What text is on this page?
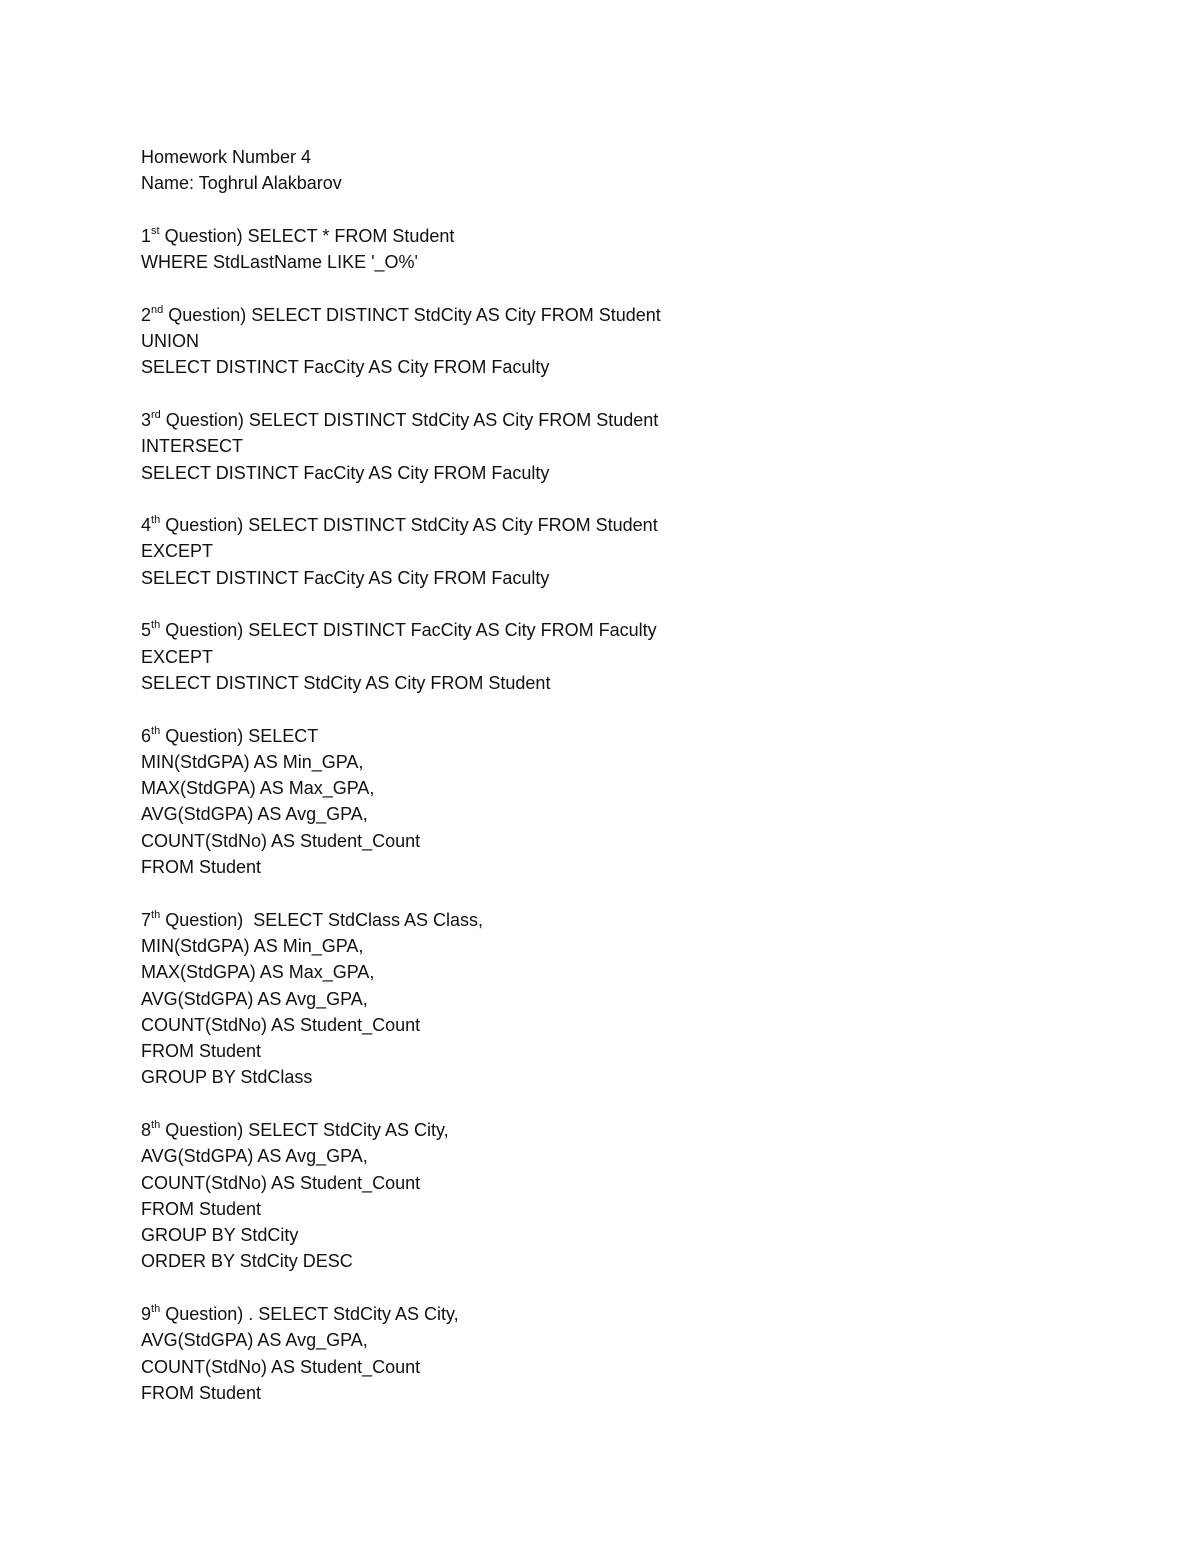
Homework Number 4
Name: Toghrul Alakbarov
1st Question) SELECT * FROM Student
WHERE StdLastName LIKE '_O%'
2nd Question) SELECT DISTINCT StdCity AS City FROM Student
UNION
SELECT DISTINCT FacCity AS City FROM Faculty
3rd Question) SELECT DISTINCT StdCity AS City FROM Student
INTERSECT
SELECT DISTINCT FacCity AS City FROM Faculty
4th Question) SELECT DISTINCT StdCity AS City FROM Student
EXCEPT
SELECT DISTINCT FacCity AS City FROM Faculty
5th Question) SELECT DISTINCT FacCity AS City FROM Faculty
EXCEPT
SELECT DISTINCT StdCity AS City FROM Student
6th Question) SELECT
MIN(StdGPA) AS Min_GPA,
MAX(StdGPA) AS Max_GPA,
AVG(StdGPA) AS Avg_GPA,
COUNT(StdNo) AS Student_Count
FROM Student
7th Question)  SELECT StdClass AS Class,
MIN(StdGPA) AS Min_GPA,
MAX(StdGPA) AS Max_GPA,
AVG(StdGPA) AS Avg_GPA,
COUNT(StdNo) AS Student_Count
FROM Student
GROUP BY StdClass
8th Question) SELECT StdCity AS City,
AVG(StdGPA) AS Avg_GPA,
COUNT(StdNo) AS Student_Count
FROM Student
GROUP BY StdCity
ORDER BY StdCity DESC
9th Question) . SELECT StdCity AS City,
AVG(StdGPA) AS Avg_GPA,
COUNT(StdNo) AS Student_Count
FROM Student
